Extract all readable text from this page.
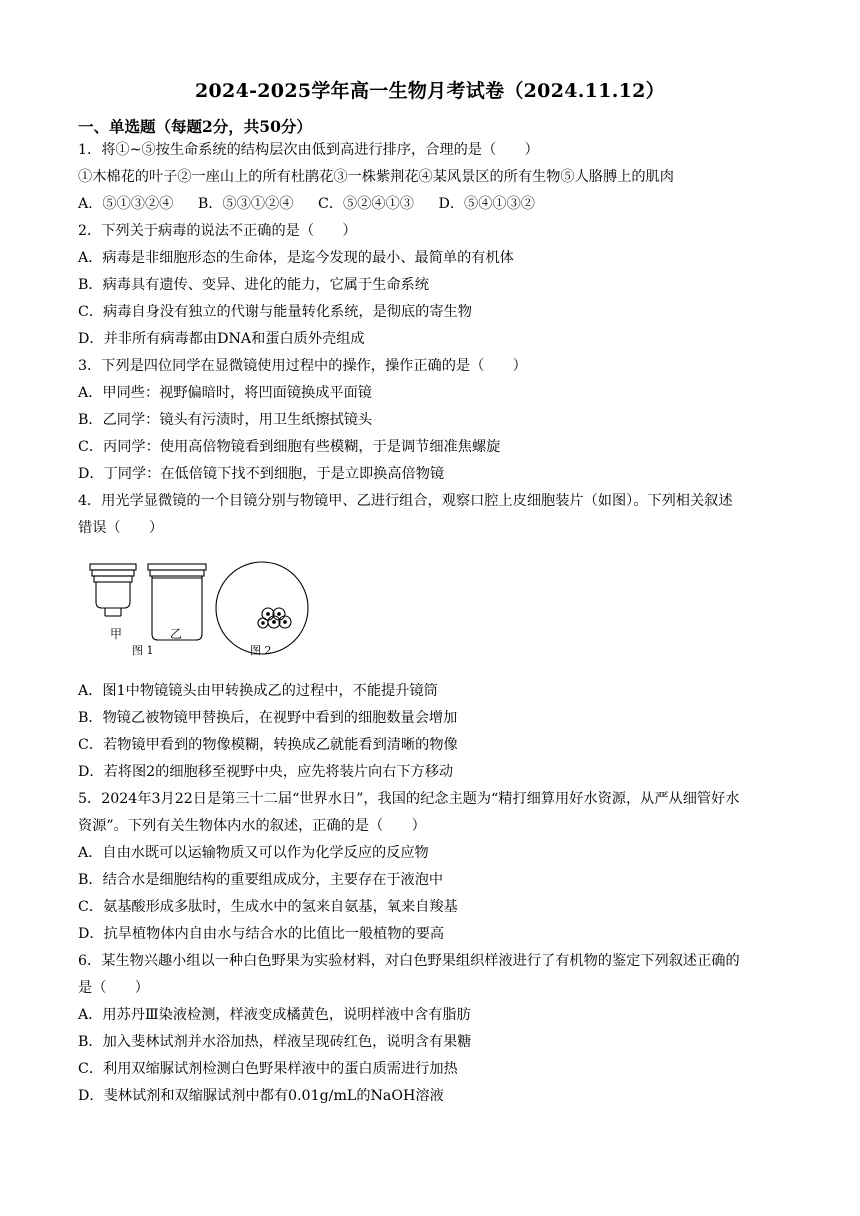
2024-2025学年高一生物月考试卷（2024.11.12）
一、单选题（每题2分，共50分）
1．将①~⑤按生命系统的结构层次由低到高进行排序，合理的是（　　）
①木棉花的叶子②一座山上的所有杜鹃花③一株紫荆花④某风景区的所有生物⑤人胳膊上的肌肉
A．⑤①③②④ B．⑤③①②④ C．⑤②④①③ D．⑤④①③②
2．下列关于病毒的说法不正确的是（　　）
A．病毒是非细胞形态的生命体，是迄今发现的最小、最简单的有机体
B．病毒具有遗传、变异、进化的能力，它属于生命系统
C．病毒自身没有独立的代谢与能量转化系统，是彻底的寄生物
D．并非所有病毒都由DNA和蛋白质外壳组成
3．下列是四位同学在显微镜使用过程中的操作，操作正确的是（　　）
A．甲同些：视野偏暗时，将凹面镜换成平面镜
B．乙同学：镜头有污渍时，用卫生纸擦拭镜头
C．丙同学：使用高倍物镜看到细胞有些模糊，于是调节细准焦螺旋
D．丁同学：在低倍镜下找不到细胞，于是立即换高倍物镜
4．用光学显微镜的一个目镜分别与物镜甲、乙进行组合，观察口腔上皮细胞装片（如图）。下列相关叙述
错误（　　）
甲	乙
图 1	图 2
A．图1中物镜镜头由甲转换成乙的过程中，不能提升镜筒
B．物镜乙被物镜甲替换后，在视野中看到的细胞数量会增加
C．若物镜甲看到的物像模糊，转换成乙就能看到清晰的物像
D．若将图2的细胞移至视野中央，应先将装片向右下方移动
5．2024年3月22日是第三十二届“世界水日”，我国的纪念主题为“精打细算用好水资源，从严从细管好水
资源”。下列有关生物体内水的叙述，正确的是（　　）
A．自由水既可以运输物质又可以作为化学反应的反应物
B．结合水是细胞结构的重要组成成分，主要存在于液泡中
C．氨基酸形成多肽时，生成水中的氢来自氨基，氧来自羧基
D．抗旱植物体内自由水与结合水的比值比一般植物的要高
6．某生物兴趣小组以一种白色野果为实验材料，对白色野果组织样液进行了有机物的鉴定下列叙述正确的
是（　　）
A．用苏丹Ⅲ染液检测，样液变成橘黄色，说明样液中含有脂肪
B．加入斐林试剂并水浴加热，样液呈现砖红色，说明含有果糖
C．利用双缩脲试剂检测白色野果样液中的蛋白质需进行加热
D．斐林试剂和双缩脲试剂中都有0.01g/mL的NaOH溶液
